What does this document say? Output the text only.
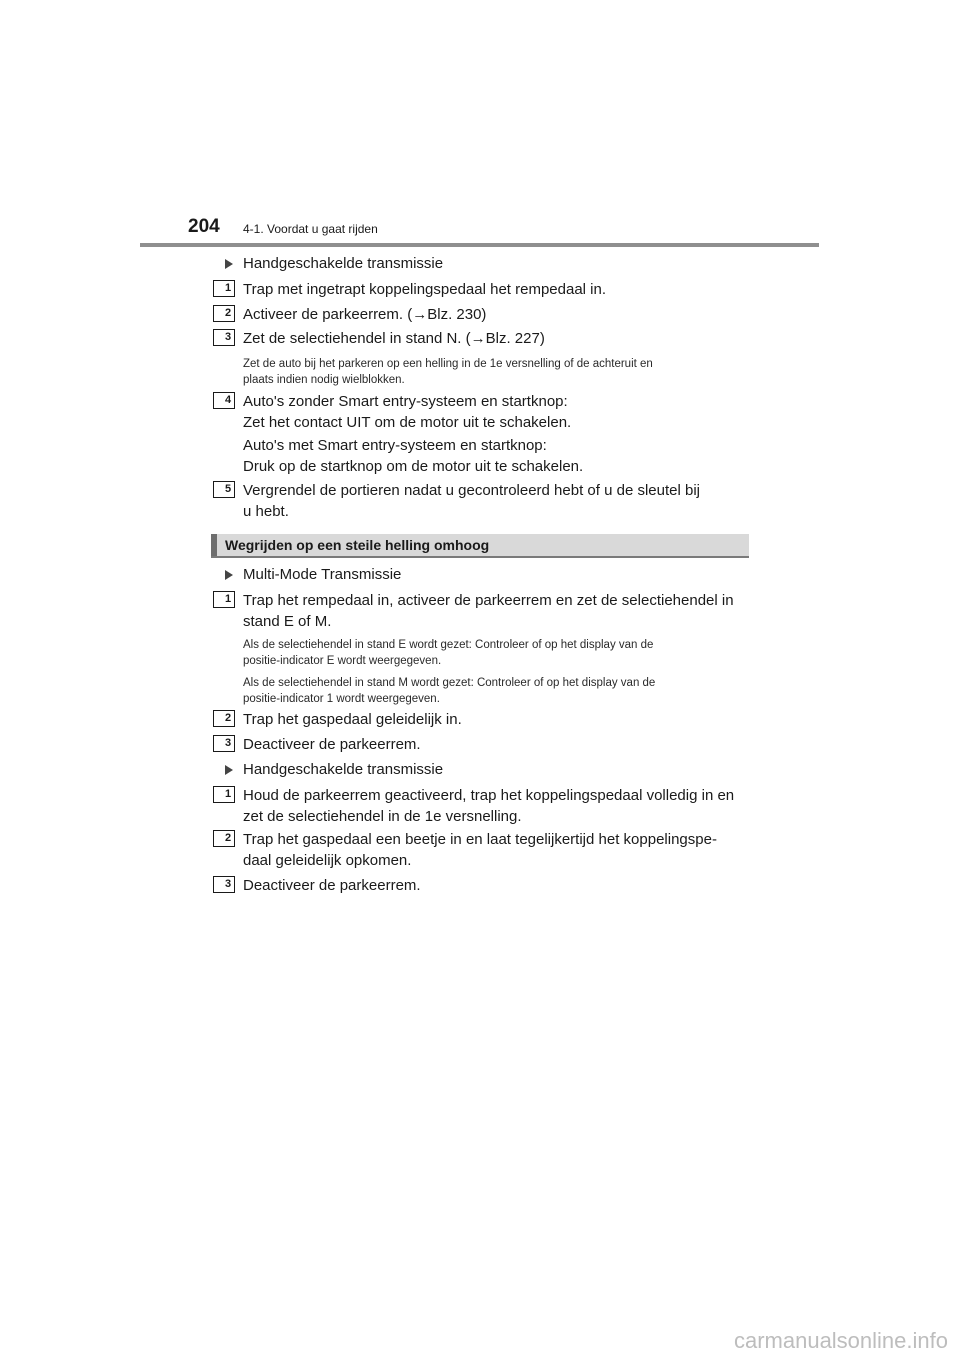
204 4-1. Voordat u gaat rijden
Handgeschakelde transmissie
1 Trap met ingetrapt koppelingspedaal het rempedaal in.
2 Activeer de parkeerrem. (→Blz. 230)
3 Zet de selectiehendel in stand N. (→Blz. 227)
Zet de auto bij het parkeren op een helling in de 1e versnelling of de achteruit en
plaats indien nodig wielblokken.
4 Auto's zonder Smart entry-systeem en startknop:
Zet het contact UIT om de motor uit te schakelen.
Auto's met Smart entry-systeem en startknop:
Druk op de startknop om de motor uit te schakelen.
5 Vergrendel de portieren nadat u gecontroleerd hebt of u de sleutel bij
u hebt.
Wegrijden op een steile helling omhoog
Multi-Mode Transmissie
1 Trap het rempedaal in, activeer de parkeerrem en zet de selectiehendel in
stand E of M.
Als de selectiehendel in stand E wordt gezet: Controleer of op het display van de
positie-indicator E wordt weergegeven.
Als de selectiehendel in stand M wordt gezet: Controleer of op het display van de
positie-indicator 1 wordt weergegeven.
2 Trap het gaspedaal geleidelijk in.
3 Deactiveer de parkeerrem.
Handgeschakelde transmissie
1 Houd de parkeerrem geactiveerd, trap het koppelingspedaal volledig in en
zet de selectiehendel in de 1e versnelling.
2 Trap het gaspedaal een beetje in en laat tegelijkertijd het koppelingspe-
daal geleidelijk opkomen.
3 Deactiveer de parkeerrem.
carmanualsonline.info
